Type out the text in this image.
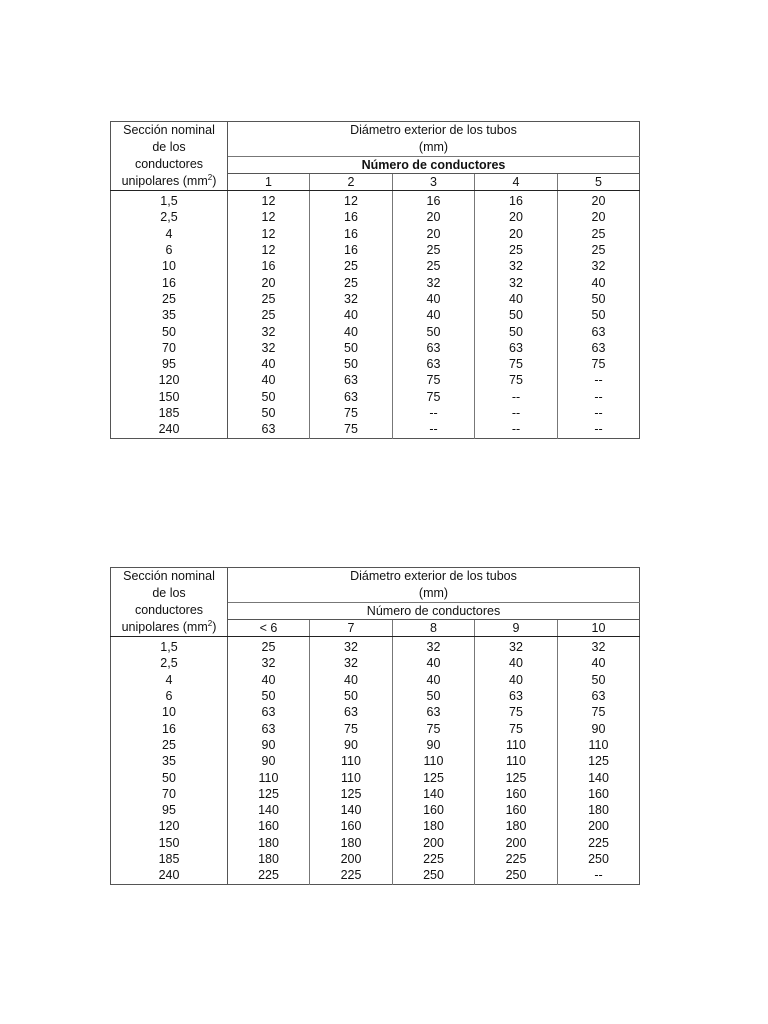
Sección nominal
de los
conductores
unipolares $(mm^2)$	Diámetro exterior de los tubos
(mm)				
	Número de conductores				
	1	2	3	4	5
1,5	12	12	16	16	20
2,5	12	16	20	20	20
4	12	16	20	20	25
6	12	16	25	25	25
10	16	25	25	32	32
16	20	25	32	32	40
25	25	32	40	40	50
35	25	40	40	50	50
50	32	40	50	50	63
70	32	50	63	63	63
95	40	50	63	75	75
120	40	63	75	75	--
150	50	63	75	--	--
185	50	75	--	--	--
240	63	75	--	--	--
Sección nominal
de los
conductores
unipolares $(mm^2)$	Diámetro exterior de los tubos
(mm)				
	Número de conductores				
	< 6	7	8	9	10
1,5	25	32	32	32	32
2,5	32	32	40	40	40
4	40	40	40	40	50
6	50	50	50	63	63
10	63	63	63	75	75
16	63	75	75	75	90
25	90	90	90	110	110
35	90	110	110	110	125
50	110	110	125	125	140
70	125	125	140	160	160
95	140	140	160	160	180
120	160	160	180	180	200
150	180	180	200	200	225
185	180	200	225	225	250
240	225	225	250	250	--
